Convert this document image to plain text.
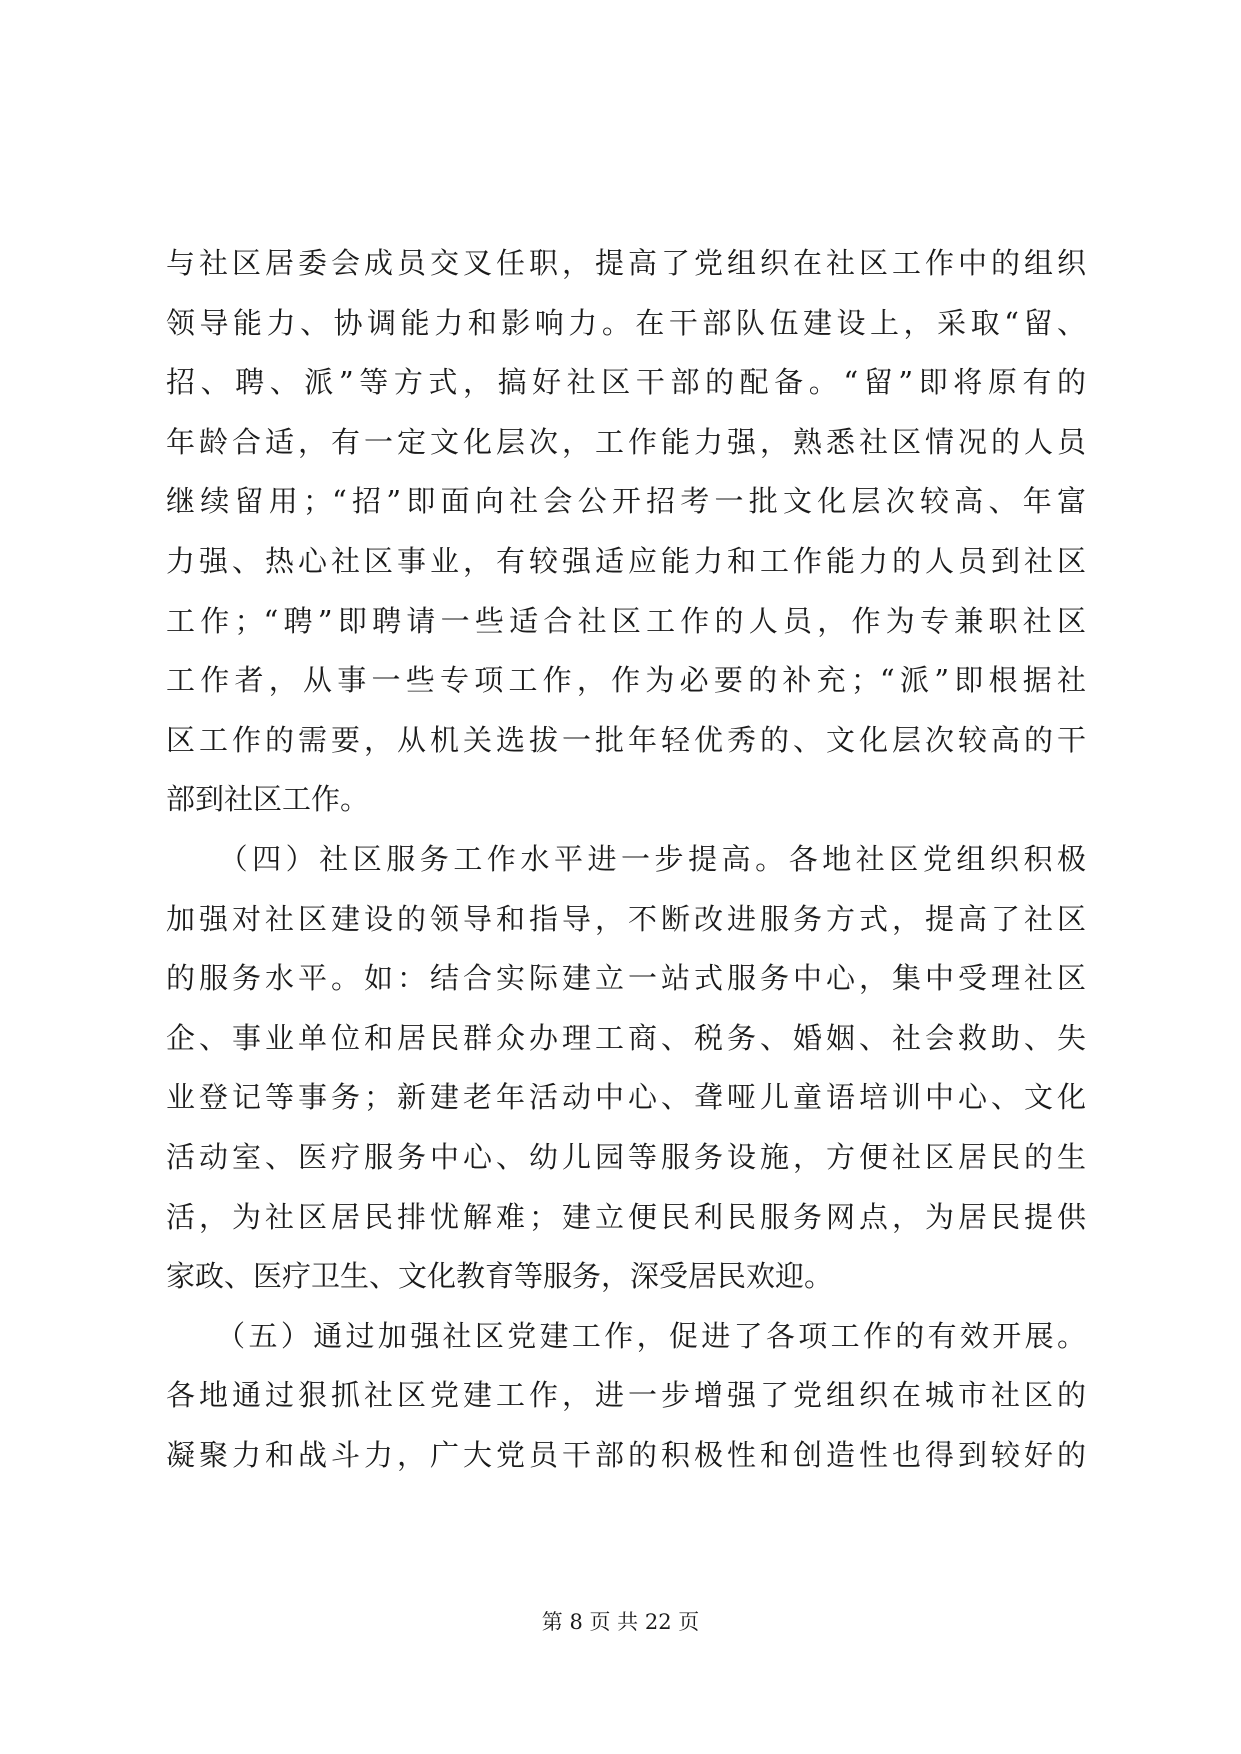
与社区居委会成员交叉任职，提高了党组织在社区工作中的组织
领导能力、协调能力和影响力。在干部队伍建设上，采取“留、
招、聘、派”等方式，搞好社区干部的配备。“留”即将原有的
年龄合适，有一定文化层次，工作能力强，熟悉社区情况的人员
继续留用；“招”即面向社会公开招考一批文化层次较高、年富
力强、热心社区事业，有较强适应能力和工作能力的人员到社区
工作；“聘”即聘请一些适合社区工作的人员，作为专兼职社区
工作者，从事一些专项工作，作为必要的补充；“派”即根据社
区工作的需要，从机关选拔一批年轻优秀的、文化层次较高的干
部到社区工作。
　　（四）社区服务工作水平进一步提高。各地社区党组织积极
加强对社区建设的领导和指导，不断改进服务方式，提高了社区
的服务水平。如：结合实际建立一站式服务中心，集中受理社区
企、事业单位和居民群众办理工商、税务、婚姻、社会救助、失
业登记等事务；新建老年活动中心、聋哑儿童语培训中心、文化
活动室、医疗服务中心、幼儿园等服务设施，方便社区居民的生
活，为社区居民排忧解难；建立便民利民服务网点，为居民提供
家政、医疗卫生、文化教育等服务，深受居民欢迎。
　　（五）通过加强社区党建工作，促进了各项工作的有效开展。
各地通过狠抓社区党建工作，进一步增强了党组织在城市社区的
凝聚力和战斗力，广大党员干部的积极性和创造性也得到较好的
第 8 页 共 22 页
